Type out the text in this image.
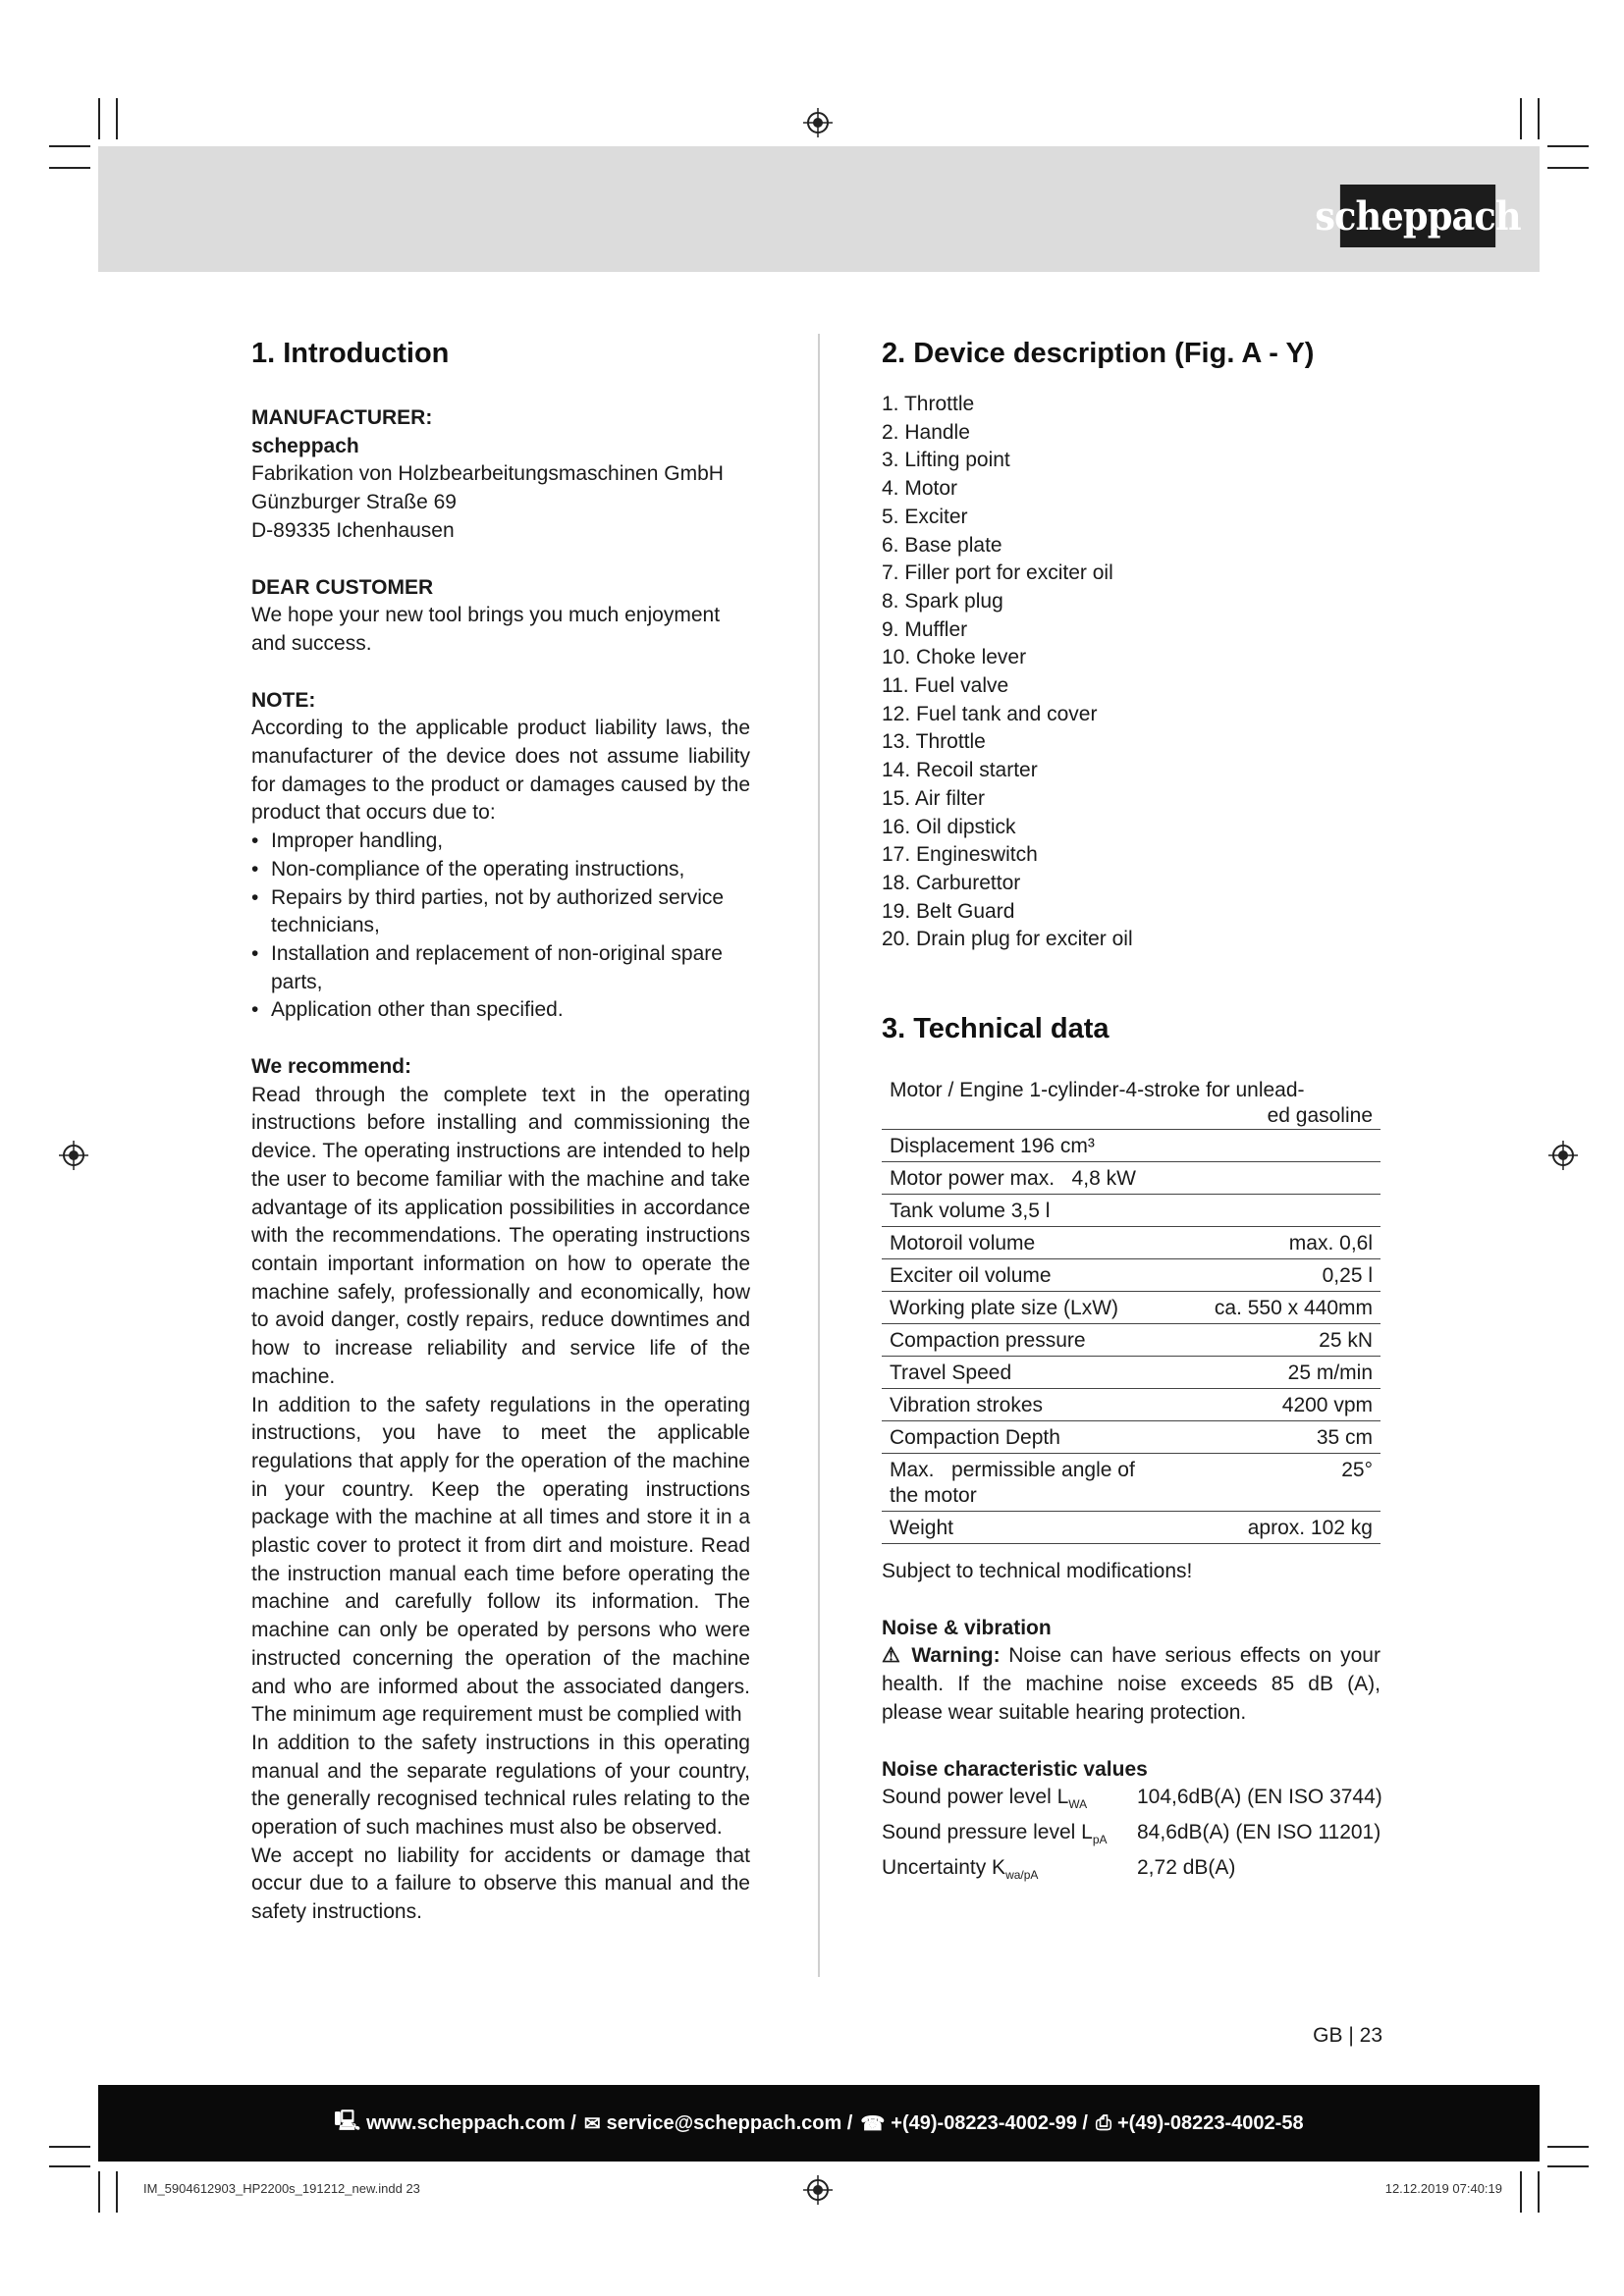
scheppach
1. Introduction

MANUFACTURER:

scheppach

Fabrikation von Holzbearbeitungsmaschinen GmbH

Günzburger Straße 69

D-89335 Ichenhausen

DEAR CUSTOMER

We hope your new tool brings you much enjoyment and success.

NOTE:

According to the applicable product liability laws, the manufacturer of the device does not assume liability for damages to the product or damages caused by the product that occurs due to:

• Improper handling,
• Non-compliance of the operating instructions,
• Repairs by third parties, not by authorized service technicians,
• Installation and replacement of non-original spare parts,
• Application other than specified.

We recommend:

Read through the complete text in the operating instructions before installing and commissioning the device. The operating instructions are intended to help the user to become familiar with the machine and take advantage of its application possibilities in accordance with the recommendations. The operating instructions contain important information on how to operate the machine safely, professionally and economically, how to avoid danger, costly repairs, reduce downtimes and how to increase reliability and service life of the machine.

In addition to the safety regulations in the operating instructions, you have to meet the applicable regulations that apply for the operation of the machine in your country. Keep the operating instructions package with the machine at all times and store it in a plastic cover to protect it from dirt and moisture. Read the instruction manual each time before operating the machine and carefully follow its information. The machine can only be operated by persons who were instructed concerning the operation of the machine and who are informed about the associated dangers. The minimum age requirement must be complied with

In addition to the safety instructions in this operating manual and the separate regulations of your country, the generally recognised technical rules relating to the operation of such machines must also be observed.

We accept no liability for accidents or damage that occur due to a failure to observe this manual and the safety instructions.

2. Device description (Fig. A - Y)
1. Throttle
2. Handle
3. Lifting point
4. Motor
5. Exciter
6. Base plate
7. Filler port for exciter oil
8. Spark plug
9. Muffler
10. Choke lever
11. Fuel valve
12. Fuel tank and cover
13. Throttle
14. Recoil starter
15. Air filter
16. Oil dipstick
17. Engineswitch
18. Carburettor
19. Belt Guard
20. Drain plug for exciter oil
3. Technical data
Motor / Engine 1-cylinder-4-stroke for unlead-
ed gasoline
Displacement 196 cm³	
Motor power max.   4,8 kW	
Tank volume 3,5 l	
Motoroil volume	max. 0,6l
Exciter oil volume	0,25 l
Working plate size (LxW)	ca. 550 x 440mm
Compaction pressure	25 kN
Travel Speed	25 m/min
Vibration strokes	4200 vpm
Compaction Depth	35 cm
Max.   permissible angle of the motor	25°
Weight	aprox. 102 kg

Subject to technical modifications!

Noise & vibration

⚠ Warning: Noise can have serious effects on your health. If the machine noise exceeds 85 dB (A), please wear suitable hearing protection.

Noise characteristic values

Sound power level $L_{WA}$	104,6dB(A) (EN ISO 3744)
Sound pressure level $L_{pA}$	84,6dB(A) (EN ISO 11201)
Uncertainty $K_{wa/pA}$	2,72 dB(A)
GB | 23
🖳 www.scheppach.com / ✉ service@scheppach.com / ☎ +(49)-08223-4002-99 / ⎙ +(49)-08223-4002-58
IM_5904612903_HP2200s_191212_new.indd 23	12.12.2019 07:40:19
